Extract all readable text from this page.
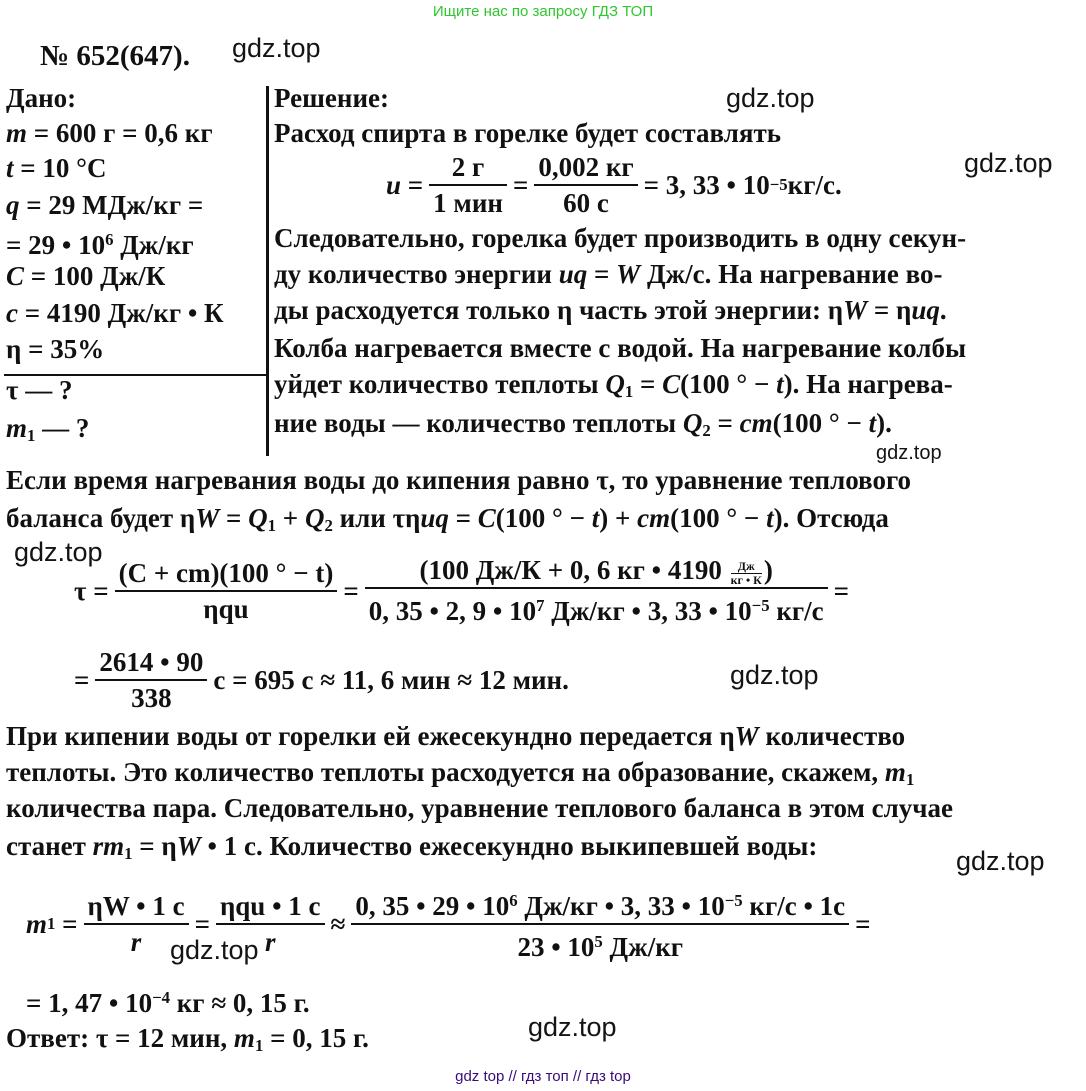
Ищите нас по запросу ГДЗ ТОП
gdz top // гдз топ // гдз top
gdz.top
gdz.top
gdz.top
gdz.top
gdz.top
gdz.top
gdz.top
gdz.top
gdz.top
№ 652(647).
Дано:
m = 600 г = 0,6 кг
t = 10 °С
q = 29 МДж/кг =
= 29 • $10^6$ Дж/кг
C = 100 Дж/К
c = 4190 Дж/кг • К
η = 35%
τ — ?
$m_1$ — ?
Решение:
Расход спирта в горелке будет составлять
$u = \frac{2 г}{\text{1 мин}} = \frac{0,002 кг}{60 с} = 3$, 33 • 10 −5 кг/с.
Следовательно, горелка будет производить в одну секун-
ду количество энергии uq = W Дж/с. На нагревание во-
ды расходуется только η часть этой энергии: ηW = ηuq.
Колба нагревается вместе с водой. На нагревание колбы
уйдет количество теплоты $Q_1 = C(100$ ° − t). На нагрева-
ние воды — количество теплоты $Q_2 = cm(100$ ° − t).
Если время нагревания воды до кипения равно τ, то уравнение теплового
баланса будет $\eta W = Q_1 + Q_2$ или τηuq = C(100 ° − t) + cm(100 ° − t). Отсюда
$\tau = \frac{(C + cm)(100 ^\circ - t)}{\text{ηqu}} = (100$ Дж/К + 0, 6 кг • 4190 Дж
кг • К )
0, 35 • 2, 9 • $10^7$ Дж/кг • 3, 33 • $10^{-5}$ кг/с =
= $\frac{2614 • 90}{338}$ с = 695 с ≈ 11, 6 мин ≈ 12 мин.
При кипении воды от горелки ей ежесекундно передается ηW количество
теплоты. Это количество теплоты расходуется на образование, скажем, $m_1$
количества пара. Следовательно, уравнение теплового баланса в этом случае
станет $rm_1 = \eta W$ • 1 с. Количество ежесекундно выкипевшей воды:
m $1 = \frac{\eta W • 1 с}{r} = \frac{\text{ηqu • 1 с}}{r} \approx \frac{0, 35 • 29 • 10^6 Дж/кг • 3, 33 • 10^{-5} кг/с • 1с}{23 • 10^5 Дж/кг}$ =
= 1, 47 • $10^{-4}$ кг ≈ 0, 15 г.
Ответ: τ = 12 мин, $m_1 = 0$, 15 г.
